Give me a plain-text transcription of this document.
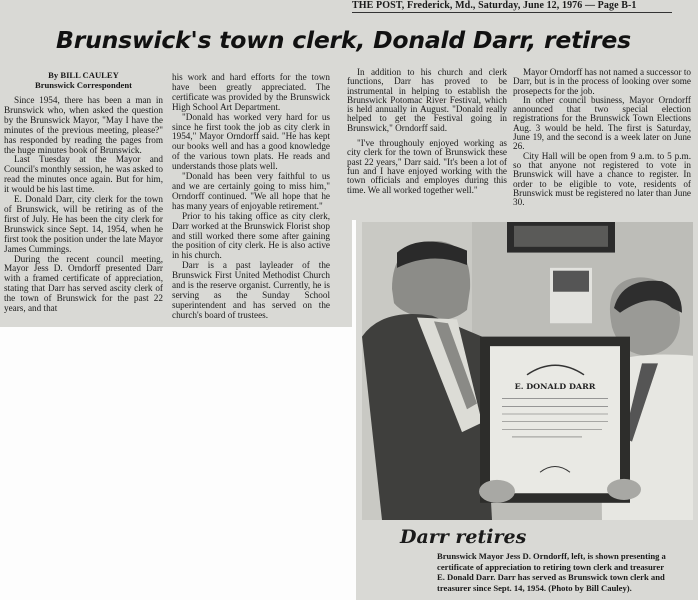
THE POST, Frederick, Md., Saturday, June 12, 1976 — Page B-1
Brunswick's town clerk, Donald Darr, retires
By BILL CAULEY
Brunswick Correspondent

Since 1954, there has been a man in Brunswick who, when asked the question by the Brunswick Mayor, "May I have the minutes of the previous meeting, please?" has responded by reading the pages from the huge minutes book of Brunswick.

Last Tuesday at the Mayor and Council's monthly session, he was asked to read the minutes once again. But for him, it would be his last time.

E. Donald Darr, city clerk for the town of Brunswick, will be retiring as of the first of July. He has been the city clerk for Brunswick since Sept. 14, 1954, when he first took the position under the late Mayor James Cummings.

During the recent council meeting, Mayor Jess D. Orndorff presented Darr with a framed certificate of appreciation, stating that Darr has served ascity clerk of the town of Brunswick for the past 22 years, and that

his work and hard efforts for the town have been greatly appreciated. The certificate was provided by the Brunswick High School Art Department.

"Donald has worked very hard for us since he first took the job as city clerk in 1954," Mayor Orndorff said. "He has kept our books well and has a good knowledge of the various town plats. He reads and understands those plats well.

"Donald has been very faithful to us and we are certainly going to miss him," Orndorff continued. "We all hope that he has many years of enjoyable retirement."

Prior to his taking office as city clerk, Darr worked at the Brunswick Florist shop and still worked there some after gaining the position of city clerk. He is also active in his church.

Darr is a past layleader of the Brunswick First United Methodist Church and is the reserve organist. Currently, he is serving as the Sunday School superintendent and has served on the church's board of trustees.

In addition to his church and clerk functions, Darr has proved to be instrumental in helping to establish the Brunswick Potomac River Festival, which is held annually in August. "Donald really helped to get the Festival going in Brunswick," Orndorff said.

"I've throughouly enjoyed working as city clerk for the town of Brunswick these past 22 years," Darr said. "It's been a lot of fun and I have enjoyed working with the town officials and employes during this time. We all worked together well."

Mayor Orndorff has not named a successor to Darr, but is in the process of looking over some prosepects for the job.

In other council business, Mayor Orndorff announced that two special election registrations for the Brunswick Town Elections Aug. 3 would be held. The first is Saturday, June 19, and the second is a week later on June 26.

City Hall will be open from 9 a.m. to 5 p.m. so that anyone not registered to vote in Brunswick will have a chance to register. In order to be eligible to vote, residents of Brunswick must be registered no later than June 30.

E. DONALD DARR
Darr retires
Brunswick Mayor Jess D. Orndorff, left, is shown presenting a
certificate of appreciation to retiring town clerk and treasurer
E. Donald Darr. Darr has served as Brunswick town clerk and
treasurer since Sept. 14, 1954. (Photo by Bill Cauley).
